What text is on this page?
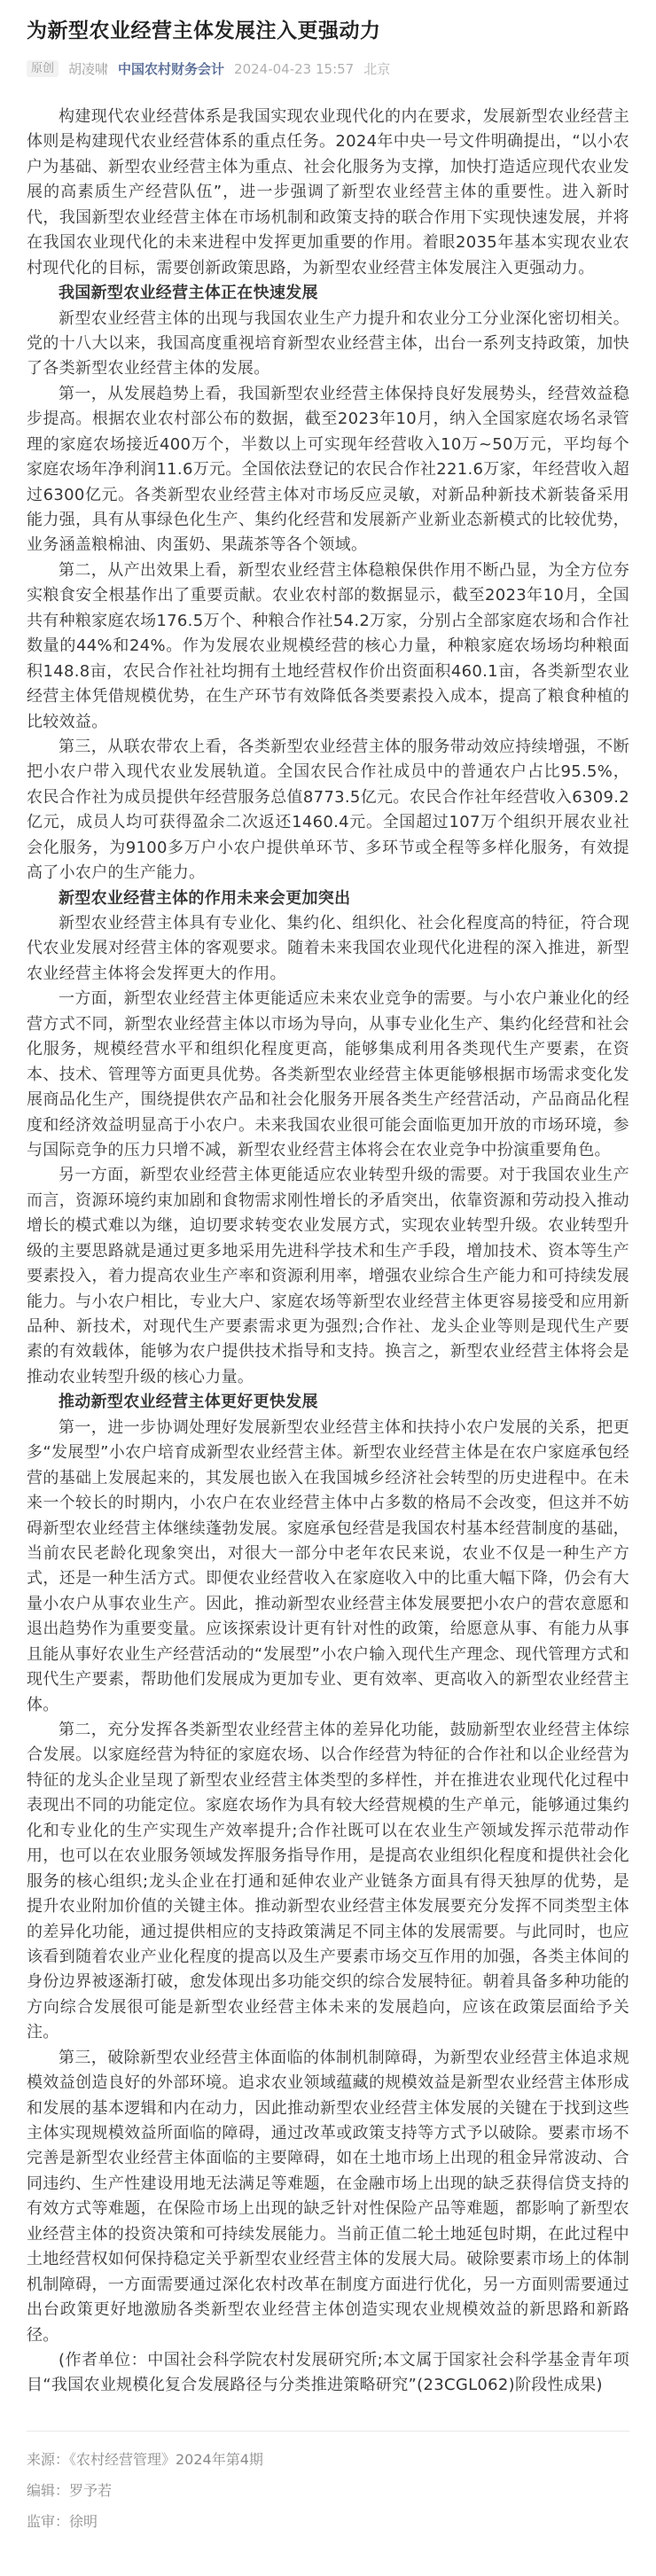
为新型农业经营主体发展注入更强动力
原创	胡凌啸 中国农村财务会计 2024-04-23 15:57 北京

构建现代农业经营体系是我国实现农业现代化的内在要求，发展新型农业经营主体则是构建现代农业经营体系的重点任务。2024年中央一号文件明确提出，“以小农户为基础、新型农业经营主体为重点、社会化服务为支撑，加快打造适应现代农业发展的高素质生产经营队伍”，进一步强调了新型农业经营主体的重要性。进入新时代，我国新型农业经营主体在市场机制和政策支持的联合作用下实现快速发展，并将在我国农业现代化的未来进程中发挥更加重要的作用。着眼2035年基本实现农业农村现代化的目标，需要创新政策思路，为新型农业经营主体发展注入更强动力。

我国新型农业经营主体正在快速发展

新型农业经营主体的出现与我国农业生产力提升和农业分工分业深化密切相关。党的十八大以来，我国高度重视培育新型农业经营主体，出台一系列支持政策，加快了各类新型农业经营主体的发展。

第一，从发展趋势上看，我国新型农业经营主体保持良好发展势头，经营效益稳步提高。根据农业农村部公布的数据，截至2023年10月，纳入全国家庭农场名录管理的家庭农场接近400万个，半数以上可实现年经营收入10万~50万元，平均每个家庭农场年净利润11.6万元。全国依法登记的农民合作社221.6万家，年经营收入超过6300亿元。各类新型农业经营主体对市场反应灵敏，对新品种新技术新装备采用能力强，具有从事绿色化生产、集约化经营和发展新产业新业态新模式的比较优势，业务涵盖粮棉油、肉蛋奶、果蔬茶等各个领域。

第二，从产出效果上看，新型农业经营主体稳粮保供作用不断凸显，为全方位夯实粮食安全根基作出了重要贡献。农业农村部的数据显示，截至2023年10月，全国共有种粮家庭农场176.5万个、种粮合作社54.2万家，分别占全部家庭农场和合作社数量的44%和24%。作为发展农业规模经营的核心力量，种粮家庭农场场均种粮面积148.8亩，农民合作社社均拥有土地经营权作价出资面积460.1亩，各类新型农业经营主体凭借规模优势，在生产环节有效降低各类要素投入成本，提高了粮食种植的比较效益。

第三，从联农带农上看，各类新型农业经营主体的服务带动效应持续增强，不断把小农户带入现代农业发展轨道。全国农民合作社成员中的普通农户占比95.5%，农民合作社为成员提供年经营服务总值8773.5亿元。农民合作社年经营收入6309.2亿元，成员人均可获得盈余二次返还1460.4元。全国超过107万个组织开展农业社会化服务，为9100多万户小农户提供单环节、多环节或全程等多样化服务，有效提高了小农户的生产能力。

新型农业经营主体的作用未来会更加突出

新型农业经营主体具有专业化、集约化、组织化、社会化程度高的特征，符合现代农业发展对经营主体的客观要求。随着未来我国农业现代化进程的深入推进，新型农业经营主体将会发挥更大的作用。

一方面，新型农业经营主体更能适应未来农业竞争的需要。与小农户兼业化的经营方式不同，新型农业经营主体以市场为导向，从事专业化生产、集约化经营和社会化服务，规模经营水平和组织化程度更高，能够集成利用各类现代生产要素，在资本、技术、管理等方面更具优势。各类新型农业经营主体更能够根据市场需求变化发展商品化生产，围绕提供农产品和社会化服务开展各类生产经营活动，产品商品化程度和经济效益明显高于小农户。未来我国农业很可能会面临更加开放的市场环境，参与国际竞争的压力只增不减，新型农业经营主体将会在农业竞争中扮演重要角色。

另一方面，新型农业经营主体更能适应农业转型升级的需要。对于我国农业生产而言，资源环境约束加剧和食物需求刚性增长的矛盾突出，依靠资源和劳动投入推动增长的模式难以为继，迫切要求转变农业发展方式，实现农业转型升级。农业转型升级的主要思路就是通过更多地采用先进科学技术和生产手段，增加技术、资本等生产要素投入，着力提高农业生产率和资源利用率，增强农业综合生产能力和可持续发展能力。与小农户相比，专业大户、家庭农场等新型农业经营主体更容易接受和应用新品种、新技术，对现代生产要素需求更为强烈;合作社、龙头企业等则是现代生产要素的有效载体，能够为农户提供技术指导和支持。换言之，新型农业经营主体将会是推动农业转型升级的核心力量。

推动新型农业经营主体更好更快发展

第一，进一步协调处理好发展新型农业经营主体和扶持小农户发展的关系，把更多“发展型”小农户培育成新型农业经营主体。新型农业经营主体是在农户家庭承包经营的基础上发展起来的，其发展也嵌入在我国城乡经济社会转型的历史进程中。在未来一个较长的时期内，小农户在农业经营主体中占多数的格局不会改变，但这并不妨碍新型农业经营主体继续蓬勃发展。家庭承包经营是我国农村基本经营制度的基础，当前农民老龄化现象突出，对很大一部分中老年农民来说，农业不仅是一种生产方式，还是一种生活方式。即便农业经营收入在家庭收入中的比重大幅下降，仍会有大量小农户从事农业生产。因此，推动新型农业经营主体发展要把小农户的营农意愿和退出趋势作为重要变量。应该探索设计更有针对性的政策，给愿意从事、有能力从事且能从事好农业生产经营活动的“发展型”小农户输入现代生产理念、现代管理方式和现代生产要素，帮助他们发展成为更加专业、更有效率、更高收入的新型农业经营主体。

第二，充分发挥各类新型农业经营主体的差异化功能，鼓励新型农业经营主体综合发展。以家庭经营为特征的家庭农场、以合作经营为特征的合作社和以企业经营为特征的龙头企业呈现了新型农业经营主体类型的多样性，并在推进农业现代化过程中表现出不同的功能定位。家庭农场作为具有较大经营规模的生产单元，能够通过集约化和专业化的生产实现生产效率提升;合作社既可以在农业生产领域发挥示范带动作用，也可以在农业服务领域发挥服务指导作用，是提高农业组织化程度和提供社会化服务的核心组织;龙头企业在打通和延伸农业产业链条方面具有得天独厚的优势，是提升农业附加价值的关键主体。推动新型农业经营主体发展要充分发挥不同类型主体的差异化功能，通过提供相应的支持政策满足不同主体的发展需要。与此同时，也应该看到随着农业产业化程度的提高以及生产要素市场交互作用的加强，各类主体间的身份边界被逐渐打破，愈发体现出多功能交织的综合发展特征。朝着具备多种功能的方向综合发展很可能是新型农业经营主体未来的发展趋向，应该在政策层面给予关注。

第三，破除新型农业经营主体面临的体制机制障碍，为新型农业经营主体追求规模效益创造良好的外部环境。追求农业领域蕴藏的规模效益是新型农业经营主体形成和发展的基本逻辑和内在动力，因此推动新型农业经营主体发展的关键在于找到这些主体实现规模效益所面临的障碍，通过改革或政策支持等方式予以破除。要素市场不完善是新型农业经营主体面临的主要障碍，如在土地市场上出现的租金异常波动、合同违约、生产性建设用地无法满足等难题，在金融市场上出现的缺乏获得信贷支持的有效方式等难题，在保险市场上出现的缺乏针对性保险产品等难题，都影响了新型农业经营主体的投资决策和可持续发展能力。当前正值二轮土地延包时期，在此过程中土地经营权如何保持稳定关乎新型农业经营主体的发展大局。破除要素市场上的体制机制障碍，一方面需要通过深化农村改革在制度方面进行优化，另一方面则需要通过出台政策更好地激励各类新型农业经营主体创造实现农业规模效益的新思路和新路径。

(作者单位：中国社会科学院农村发展研究所;本文属于国家社会科学基金青年项目“我国农业规模化复合发展路径与分类推进策略研究”(23CGL062)阶段性成果)

来源：《农村经营管理》2024年第4期

编辑：罗予若

监审：徐明
